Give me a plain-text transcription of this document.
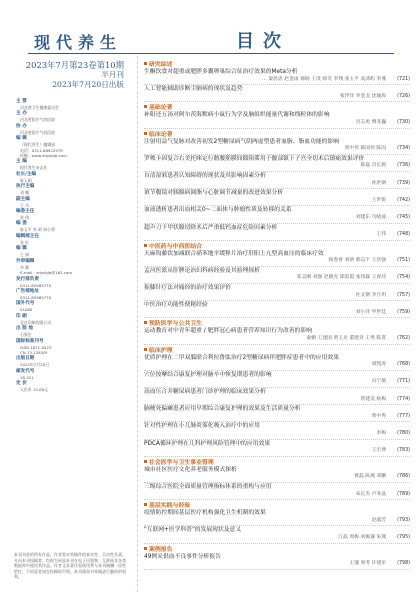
现代养生	目次
2023年7月第23卷第10期
半月刊
2023年7月20日出版
主 管
河北省卫生健康委员会
主 办
河北省医疗气功医院
协 办
河北省医疗气功医院
编 辑
《现代养生》编辑部
电话：0311-86922979
投稿：www.xdysbjb.com
主 编
现代养生杂志社
社长/主编
陈玉娟
执行主编
刘 娜
副主编
王 丹
编委主任
张 伟
编 委
陈玉平 李 莉 周小勇
编辑部主任
张 红
编 辑
王 娟
外审编辑
李 静
E-mail：xdysbjb@163.com
发行部负责
0311-85985770
广告部地址
0311-85985770
国外代号
S1080
印 刷
北京印刷有限公司
出 版 地
石家庄
国际标准刊号
ISSN 1671-0223
CN 13-1283/R
出版日期
2023年7月20日
邮发代号
18-221
定 价
人民币 15.00元
本刊刊登的所有作品，作者需对其稿件的真实性、合法性负责。凡向本刊投稿者，均视为同意本刊在电子出版物、互联网及各类数据库中使用其作品，作者文章著作权使用费与本刊稿酬一次性给付，不同意者请在投稿时声明。本刊保留对来稿进行删改的权利。
研究综述
生酮饮食对超重或肥胖多囊卵巢综合征治疗效果的Meta分析
… 秦思思 赵金雨 郝杨 王茂 韩笑 李翔 张玉平 高沛屿 李燕	(721)
人工智能辅助诊断尘肺病的现状及趋势
张浮洋 李金戈 沈瑜海	(726)
基础论著
补阳还五汤对阿尔茨海默病小鼠行为学及脑组织能量代谢和线粒体的影响
宫志勇 傅亚巍	(730)
临床论著
注射用益气复脉对改善初发2型糖尿病气阴两虚型患者血脂、脂血功能的影响
周中伟 陈国伟 陈因	(734)
罗哌卡因复合右美托咪定行髂腰筋膜间隙阻滞用于髋部镇下子宫全切术后镇痛效果评价
陈磊 肖长源	(736)
自清湿邪患者认知障碍的现状及其影响因素分析
孙洪钢	(739)
填节腹镜对胰腺病调脂与心脏调节减量的改进效果分析
王世锐	(742)
血液透析患者出血相关0~二面体与肿瘤性质及转移的关系
刘建东 乌晓波	(745)
超声刀下甲状腺切除术后严重低钙血症危险因素分析
王伟	(748)
中医药与中西医结合
天麻钩藤饮加减联合硝苯地平缓释片治疗肝阳上亢型高血压的临床疗效
杨春香 刘炳 郝志宇 王浩强	(751)
孟河医派从肝脾论治妇科病经验及其验理探析
崔志刚 刘强 赵晓光 邵思霞 张伟霖 王春玲	(754)
振膝针疗法对痛经的治疗效果评价
杜文钢 李月玥	(757)
中医治疗功能性便秘经验
刘小萍 申世廷	(759)
预防医学与公共卫生
运动教育对中青年超重 / 肥胖冠心病患者营养知识行为改善的影响
秦媚 王建国 黄玉龙 董建奇 王秀 陈熹	(762)
临床护理
优质护理在二甲双胍联合利拉鲁肽治疗2型糖尿病伴肥胖症患者中的应用效果
胡凯涛	(768)
穴位按摩结合康复护理对脑卒中恢复期患者的影响
冯宁敏	(771)
高血压合并糖尿病患者门诊护理的临床效果分析
常建美 杨梅	(774)
脑梗死偏瘫患者应用早期综合康复护理的效果及生活质量分析
黄中秀	(777)
针对性护理在小儿肺炎雾化吸入治疗中的应用
李梅	(780)
PDCA循环护理在儿科护理风险管理中的应用效果
王宏伸	(783)
社会医学与卫生事业管理
城市社区医疗文化养老服务模式探析
黄磊 陈燕 邓鹏	(786)
三级综合医院全面质量管理指标体系的重构与应用
朱长杰 卢冬晶	(789)
基层实践与经验
疫情防控期间基层医疗机构强化卫生机制的效果
赵淑芳	(793)
"互联网+医学科普"的发展现状及意义
江磊 周梅 刘俊谦 朱燕	(795)
案例报告
49例采供血不良事件分析报告
王瑰 周考 许建军	(798)
